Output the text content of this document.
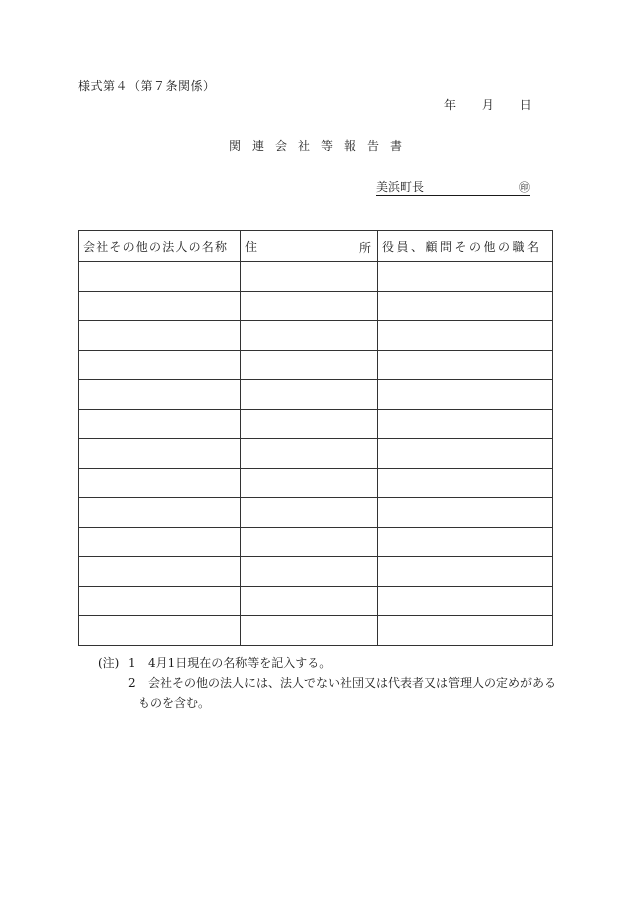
様式第４（第７条関係）
年 月 日
関連会社等報告書
美浜町長	㊞
会社その他の法人の名称	住 所	役員、顧問その他の職名

(注) 1 4月1日現在の名称等を記入する。
2 会社その他の法人には、法人でない社団又は代表者又は管理人の定めがある
ものを含む。
